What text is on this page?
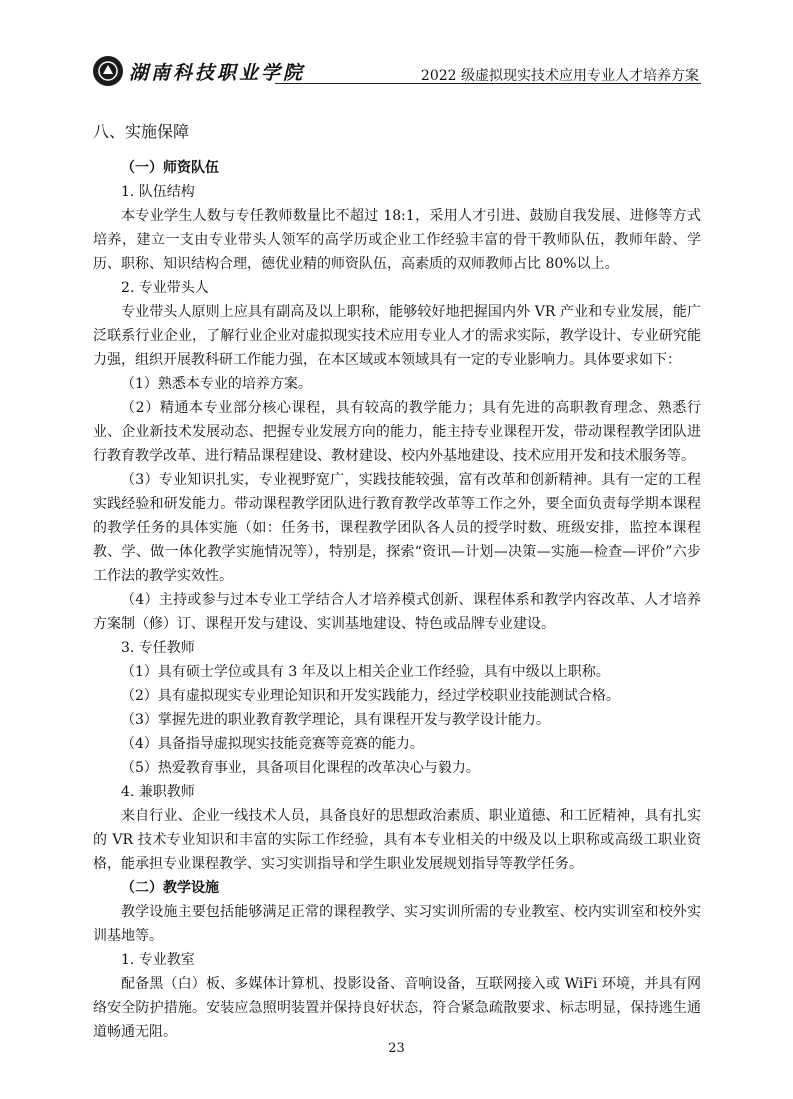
湖南科技职业学院	2022 级虚拟现实技术应用专业人才培养方案
八、实施保障
（一）师资队伍
1. 队伍结构
本专业学生人数与专任教师数量比不超过 18:1，采用人才引进、鼓励自我发展、进修等方式培养，建立一支由专业带头人领军的高学历或企业工作经验丰富的骨干教师队伍，教师年龄、学历、职称、知识结构合理，德优业精的师资队伍，高素质的双师教师占比 80%以上。
2. 专业带头人
专业带头人原则上应具有副高及以上职称，能够较好地把握国内外 VR 产业和专业发展，能广泛联系行业企业，了解行业企业对虚拟现实技术应用专业人才的需求实际，教学设计、专业研究能力强，组织开展教科研工作能力强，在本区域或本领域具有一定的专业影响力。具体要求如下：
（1）熟悉本专业的培养方案。
（2）精通本专业部分核心课程，具有较高的教学能力；具有先进的高职教育理念、熟悉行业、企业新技术发展动态、把握专业发展方向的能力，能主持专业课程开发，带动课程教学团队进行教育教学改革、进行精品课程建设、教材建设、校内外基地建设、技术应用开发和技术服务等。
（3）专业知识扎实，专业视野宽广，实践技能较强，富有改革和创新精神。具有一定的工程实践经验和研发能力。带动课程教学团队进行教育教学改革等工作之外，要全面负责每学期本课程的教学任务的具体实施（如：任务书，课程教学团队各人员的授学时数、班级安排，监控本课程教、学、做一体化教学实施情况等），特别是，探索“资讯—计划—决策—实施—检查—评价”六步工作法的教学实效性。
（4）主持或参与过本专业工学结合人才培养模式创新、课程体系和教学内容改革、人才培养方案制（修）订、课程开发与建设、实训基地建设、特色或品牌专业建设。
3. 专任教师
（1）具有硕士学位或具有 3 年及以上相关企业工作经验，具有中级以上职称。
（2）具有虚拟现实专业理论知识和开发实践能力，经过学校职业技能测试合格。
（3）掌握先进的职业教育教学理论，具有课程开发与教学设计能力。
（4）具备指导虚拟现实技能竞赛等竞赛的能力。
（5）热爱教育事业，具备项目化课程的改革决心与毅力。
4. 兼职教师
来自行业、企业一线技术人员，具备良好的思想政治素质、职业道德、和工匠精神，具有扎实的 VR 技术专业知识和丰富的实际工作经验，具有本专业相关的中级及以上职称或高级工职业资格，能承担专业课程教学、实习实训指导和学生职业发展规划指导等教学任务。
（二）教学设施
教学设施主要包括能够满足正常的课程教学、实习实训所需的专业教室、校内实训室和校外实训基地等。
1. 专业教室
配备黑（白）板、多媒体计算机、投影设备、音响设备，互联网接入或 WiFi 环境，并具有网络安全防护措施。安装应急照明装置并保持良好状态，符合紧急疏散要求、标志明显，保持逃生通道畅通无阻。
23
